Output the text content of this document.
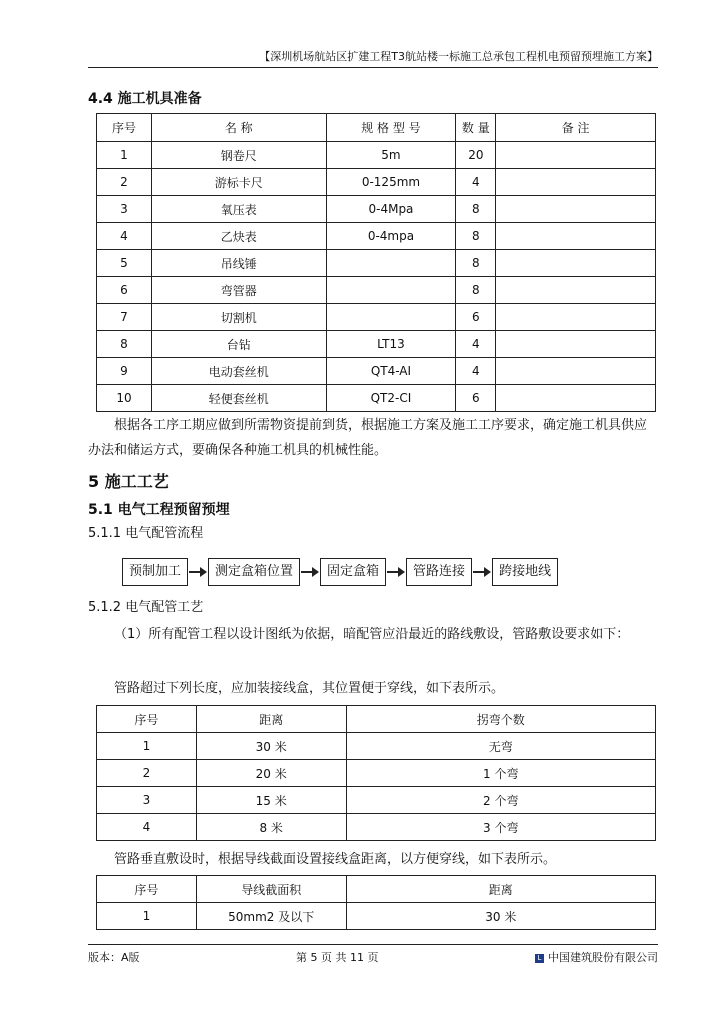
【深圳机场航站区扩建工程T3航站楼一标施工总承包工程机电预留预埋施工方案】
4.4 施工机具准备
序号	名 称	规 格 型 号	数 量	备 注
1	钢卷尺	5m	20	
2	游标卡尺	0-125mm	4	
3	氧压表	0-4Mpa	8	
4	乙炔表	0-4mpa	8	
5	吊线锤		8	
6	弯管器		8	
7	切割机		6	
8	台钻	LT13	4	
9	电动套丝机	QT4-AI	4	
10	轻便套丝机	QT2-CI	6	

根据各工序工期应做到所需物资提前到货，根据施工方案及施工工序要求，确定施工机具供应办法和储运方式，要确保各种施工机具的机械性能。

5 施工工艺
5.1 电气工程预留预埋

5.1.1 电气配管流程

预制加工	测定盒箱位置	固定盒箱	管路连接	跨接地线

5.1.2 电气配管工艺

（1）所有配管工程以设计图纸为依据，暗配管应沿最近的路线敷设，管路敷设要求如下：

管路超过下列长度，应加装接线盒，其位置便于穿线，如下表所示。

序号	距离	拐弯个数
1	30 米	无弯
2	20 米	1 个弯
3	15 米	2 个弯
4	8 米	3 个弯

管路垂直敷设时，根据导线截面设置接线盒距离，以方便穿线，如下表所示。

序号	导线截面积	距离
1	50mm2 及以下	30 米
版本：A版	第 5 页 共 11 页	L 中国建筑股份有限公司
